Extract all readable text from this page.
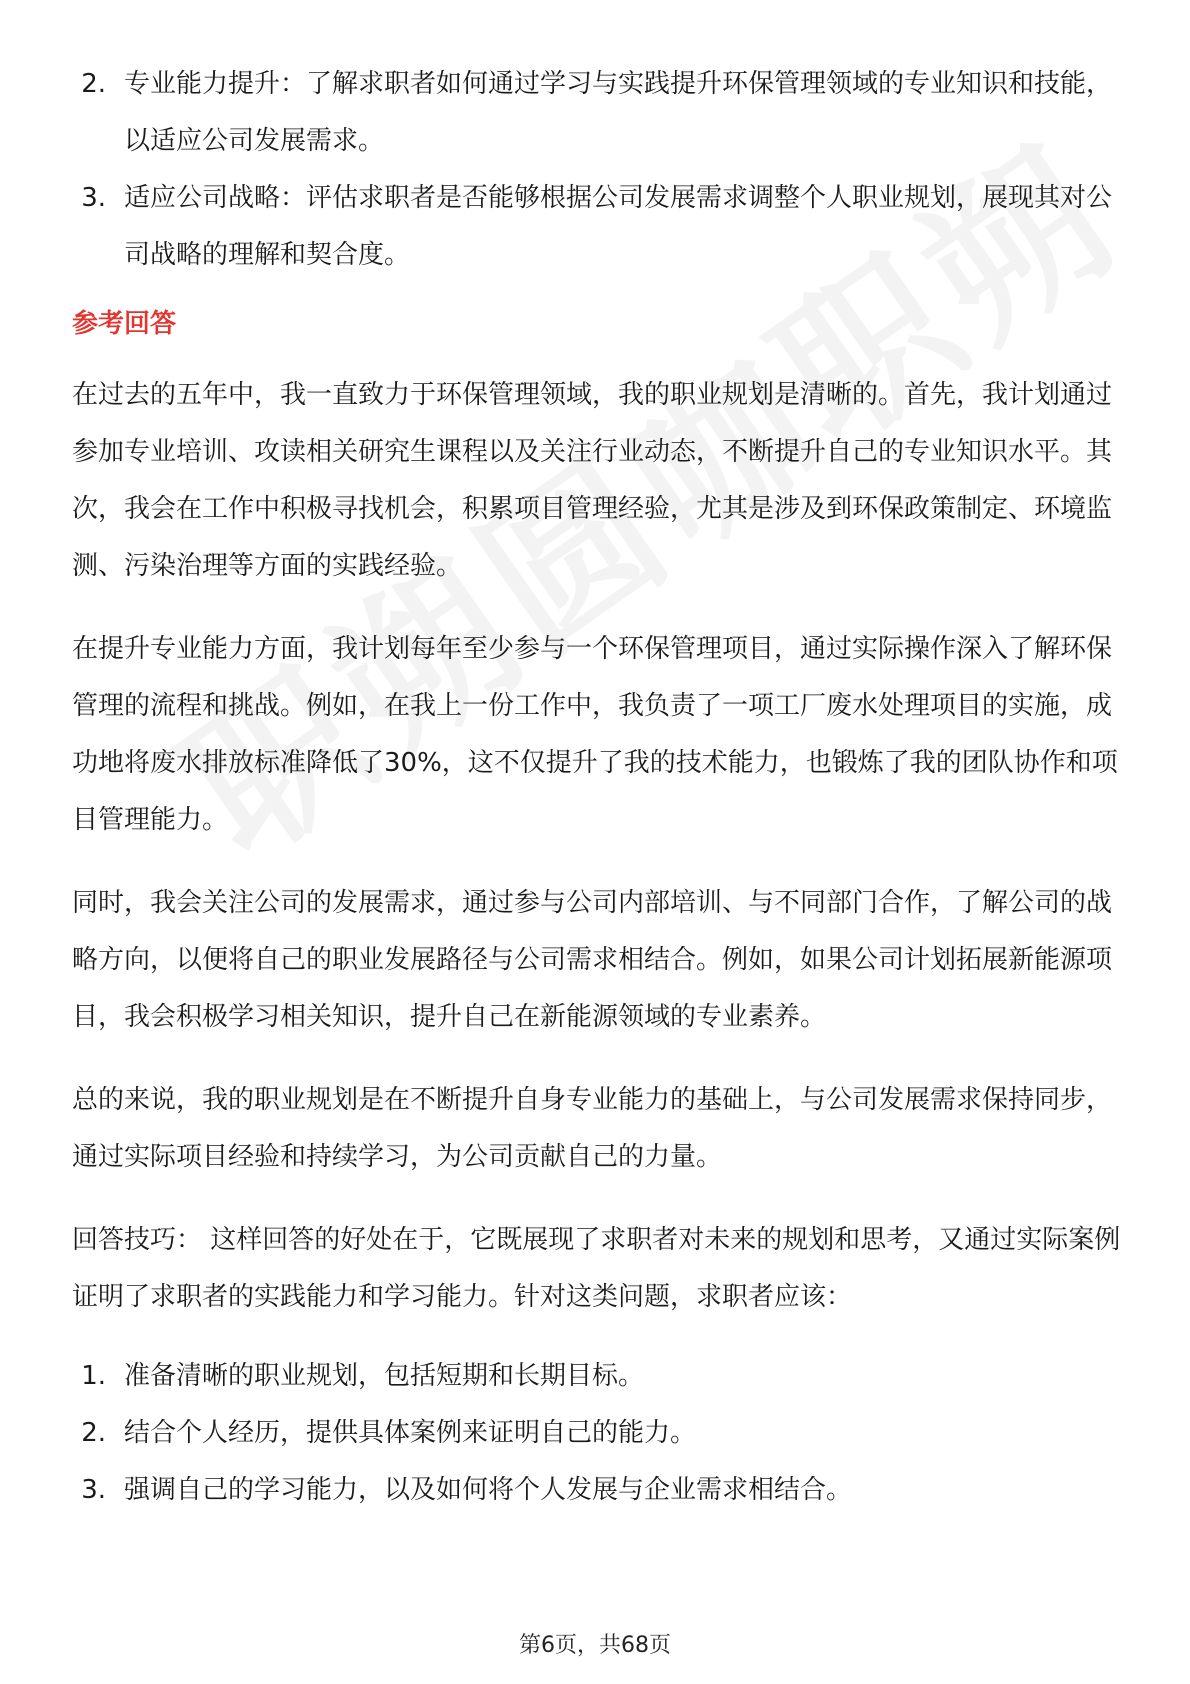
2. 专业能力提升：了解求职者如何通过学习与实践提升环保管理领域的专业知识和技能，以适应公司发展需求。
3. 适应公司战略：评估求职者是否能够根据公司发展需求调整个人职业规划，展现其对公司战略的理解和契合度。
参考回答

在过去的五年中，我一直致力于环保管理领域，我的职业规划是清晰的。首先，我计划通过参加专业培训、攻读相关研究生课程以及关注行业动态，不断提升自己的专业知识水平。其次，我会在工作中积极寻找机会，积累项目管理经验，尤其是涉及到环保政策制定、环境监测、污染治理等方面的实践经验。

在提升专业能力方面，我计划每年至少参与一个环保管理项目，通过实际操作深入了解环保管理的流程和挑战。例如，在我上一份工作中，我负责了一项工厂废水处理项目的实施，成功地将废水排放标准降低了30%，这不仅提升了我的技术能力，也锻炼了我的团队协作和项目管理能力。

同时，我会关注公司的发展需求，通过参与公司内部培训、与不同部门合作，了解公司的战略方向，以便将自己的职业发展路径与公司需求相结合。例如，如果公司计划拓展新能源项目，我会积极学习相关知识，提升自己在新能源领域的专业素养。

总的来说，我的职业规划是在不断提升自身专业能力的基础上，与公司发展需求保持同步，通过实际项目经验和持续学习，为公司贡献自己的力量。

回答技巧： 这样回答的好处在于，它既展现了求职者对未来的规划和思考，又通过实际案例证明了求职者的实践能力和学习能力。针对这类问题，求职者应该：

1. 准备清晰的职业规划，包括短期和长期目标。
2. 结合个人经历，提供具体案例来证明自己的能力。
3. 强调自己的学习能力，以及如何将个人发展与企业需求相结合。
第6页，共68页
